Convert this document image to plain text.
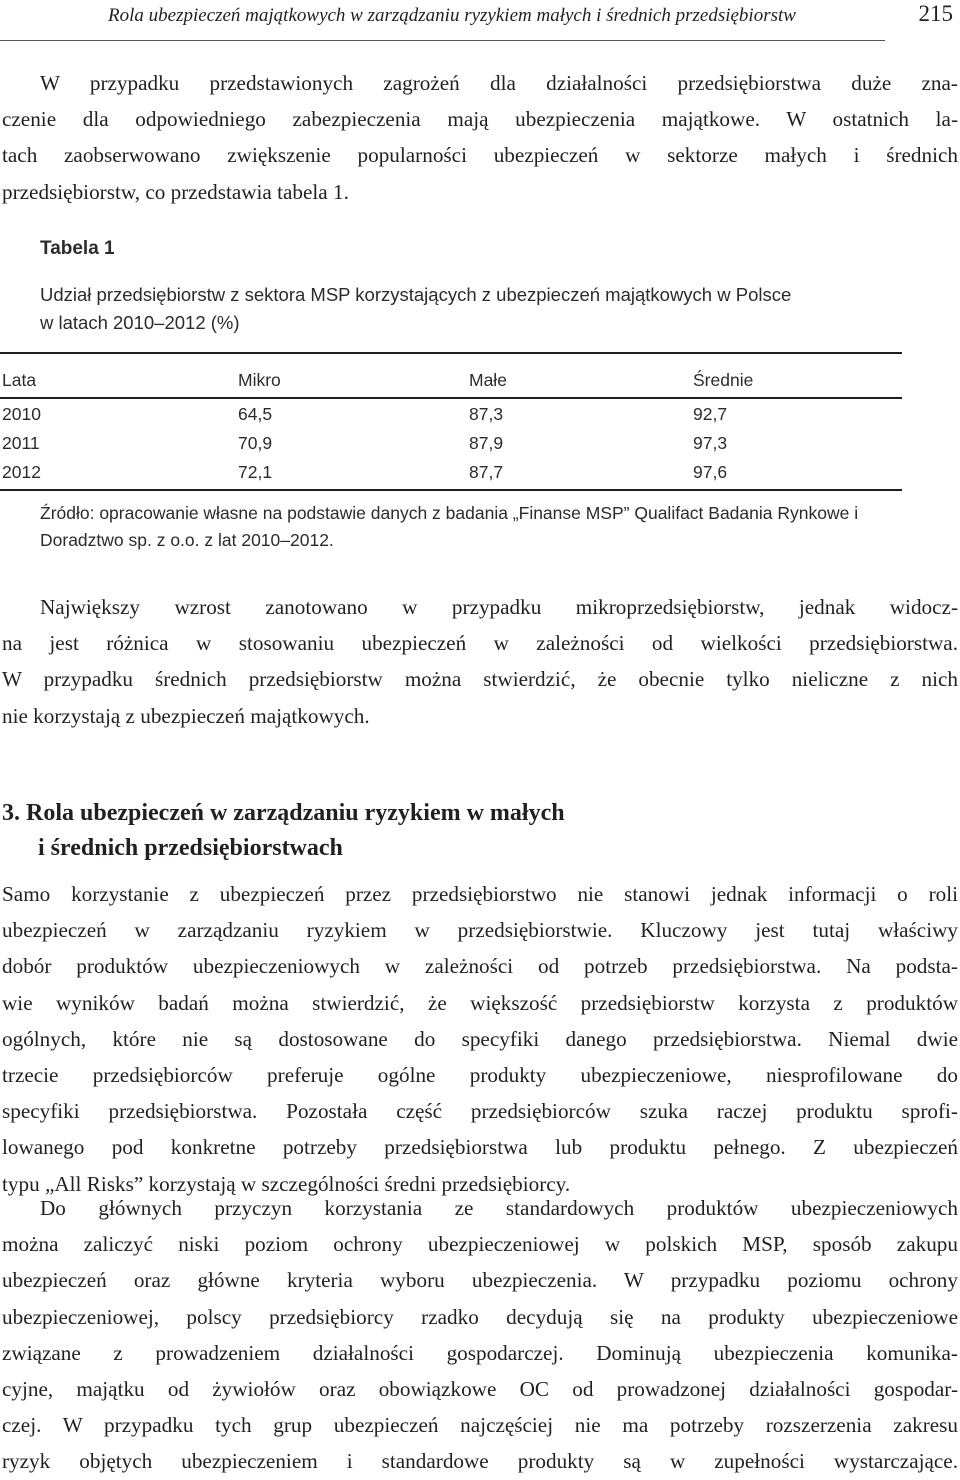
Rola ubezpieczeń majątkowych w zarządzaniu ryzykiem małych i średnich przedsiębiorstw	215
W przypadku przedstawionych zagrożeń dla działalności przedsiębiorstwa duże zna-
czenie dla odpowiedniego zabezpieczenia mają ubezpieczenia majątkowe. W ostatnich la-
tach zaobserwowano zwiększenie popularności ubezpieczeń w sektorze małych i średnich
przedsiębiorstw, co przedstawia tabela 1.
Tabela 1
Udział przedsiębiorstw z sektora MSP korzystających z ubezpieczeń majątkowych w Polsce
w latach 2010–2012 (%)
Lata	Mikro	Małe	Średnie
2010	64,5	87,3	92,7
2011	70,9	87,9	97,3
2012	72,1	87,7	97,6
Źródło: opracowanie własne na podstawie danych z badania „Finanse MSP” Qualifact Badania Rynkowe i
Doradztwo sp. z o.o. z lat 2010–2012.
Największy wzrost zanotowano w przypadku mikroprzedsiębiorstw, jednak widocz-
na jest różnica w stosowaniu ubezpieczeń w zależności od wielkości przedsiębiorstwa.
W przypadku średnich przedsiębiorstw można stwierdzić, że obecnie tylko nieliczne z nich
nie korzystają z ubezpieczeń majątkowych.
3. Rola ubezpieczeń w zarządzaniu ryzykiem w małych
i średnich przedsiębiorstwach
Samo korzystanie z ubezpieczeń przez przedsiębiorstwo nie stanowi jednak informacji o roli
ubezpieczeń w zarządzaniu ryzykiem w przedsiębiorstwie. Kluczowy jest tutaj właściwy
dobór produktów ubezpieczeniowych w zależności od potrzeb przedsiębiorstwa. Na podsta-
wie wyników badań można stwierdzić, że większość przedsiębiorstw korzysta z produktów
ogólnych, które nie są dostosowane do specyfiki danego przedsiębiorstwa. Niemal dwie
trzecie przedsiębiorców preferuje ogólne produkty ubezpieczeniowe, niesprofilowane do
specyfiki przedsiębiorstwa. Pozostała część przedsiębiorców szuka raczej produktu sprofi-
lowanego pod konkretne potrzeby przedsiębiorstwa lub produktu pełnego. Z ubezpieczeń
typu „All Risks” korzystają w szczególności średni przedsiębiorcy.
Do głównych przyczyn korzystania ze standardowych produktów ubezpieczeniowych
można zaliczyć niski poziom ochrony ubezpieczeniowej w polskich MSP, sposób zakupu
ubezpieczeń oraz główne kryteria wyboru ubezpieczenia. W przypadku poziomu ochrony
ubezpieczeniowej, polscy przedsiębiorcy rzadko decydują się na produkty ubezpieczeniowe
związane z prowadzeniem działalności gospodarczej. Dominują ubezpieczenia komunika-
cyjne, majątku od żywiołów oraz obowiązkowe OC od prowadzonej działalności gospodar-
czej. W przypadku tych grup ubezpieczeń najczęściej nie ma potrzeby rozszerzenia zakresu
ryzyk objętych ubezpieczeniem i standardowe produkty są w zupełności wystarczające.
